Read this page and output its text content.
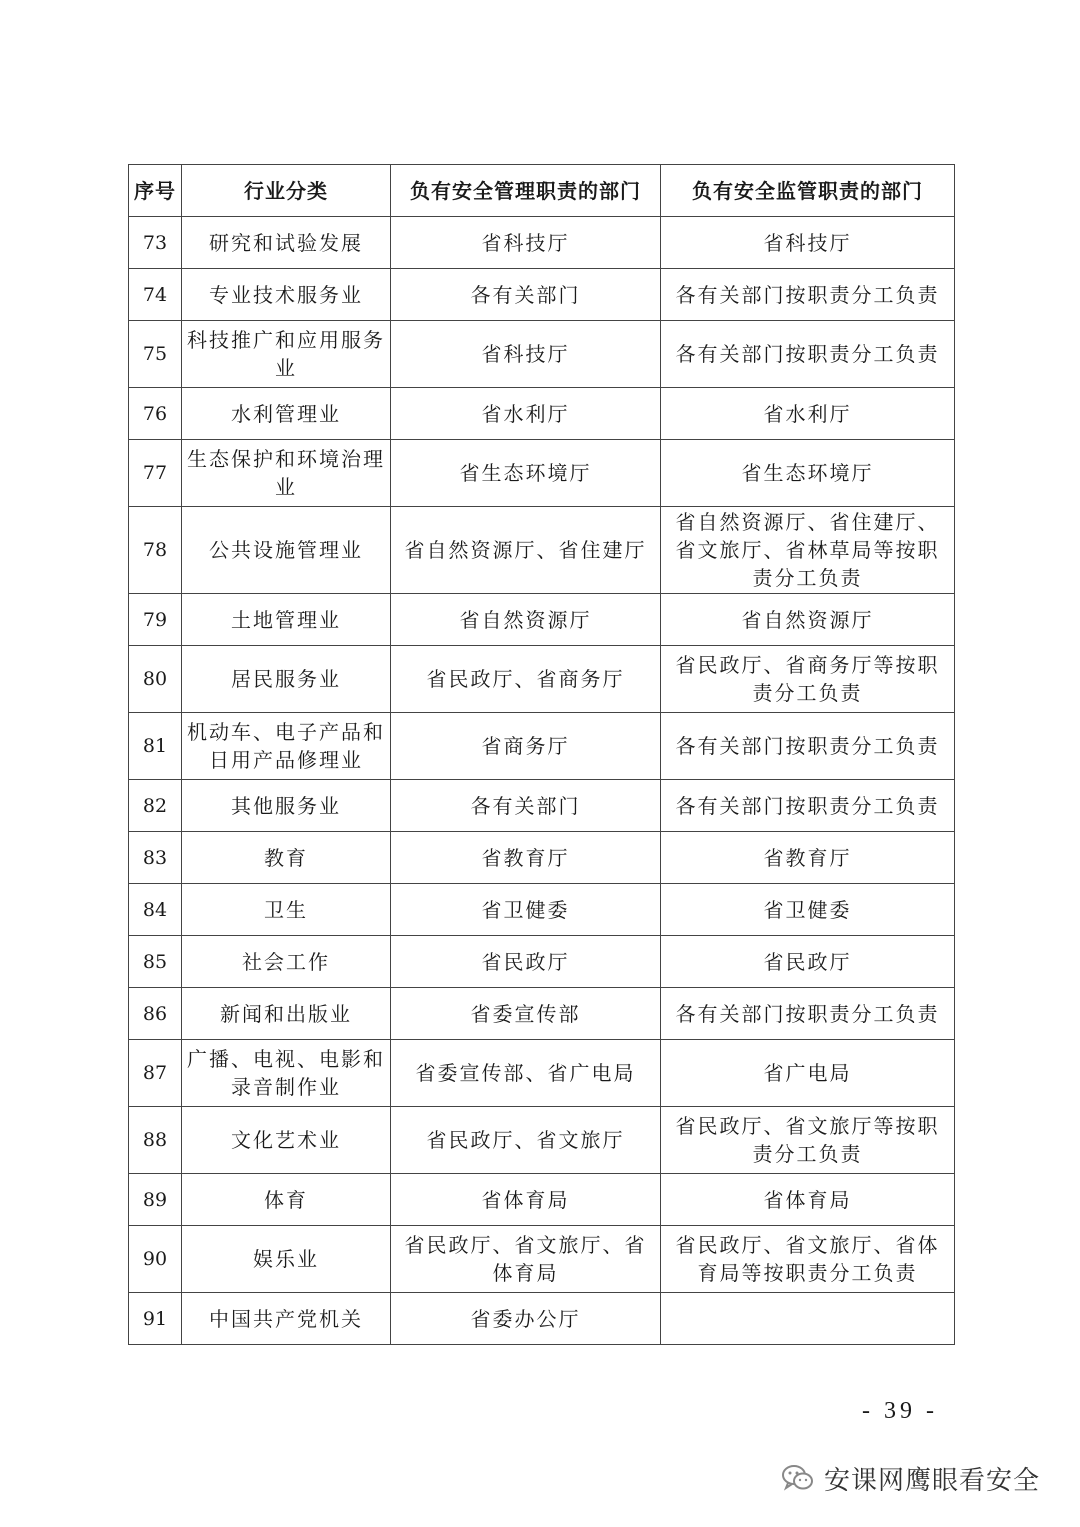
序号	行业分类	负有安全管理职责的部门	负有安全监管职责的部门
73	研究和试验发展	省科技厅	省科技厅
74	专业技术服务业	各有关部门	各有关部门按职责分工负责
75	科技推广和应用服务业	省科技厅	各有关部门按职责分工负责
76	水利管理业	省水利厅	省水利厅
77	生态保护和环境治理业	省生态环境厅	省生态环境厅
78	公共设施管理业	省自然资源厅、省住建厅	省自然资源厅、省住建厅、省文旅厅、省林草局等按职责分工负责
79	土地管理业	省自然资源厅	省自然资源厅
80	居民服务业	省民政厅、省商务厅	省民政厅、省商务厅等按职责分工负责
81	机动车、电子产品和日用产品修理业	省商务厅	各有关部门按职责分工负责
82	其他服务业	各有关部门	各有关部门按职责分工负责
83	教育	省教育厅	省教育厅
84	卫生	省卫健委	省卫健委
85	社会工作	省民政厅	省民政厅
86	新闻和出版业	省委宣传部	各有关部门按职责分工负责
87	广播、电视、电影和录音制作业	省委宣传部、省广电局	省广电局
88	文化艺术业	省民政厅、省文旅厅	省民政厅、省文旅厅等按职责分工负责
89	体育	省体育局	省体育局
90	娱乐业	省民政厅、省文旅厅、省体育局	省民政厅、省文旅厅、省体育局等按职责分工负责
91	中国共产党机关	省委办公厅	
- 39 -
安课网鹰眼看安全
